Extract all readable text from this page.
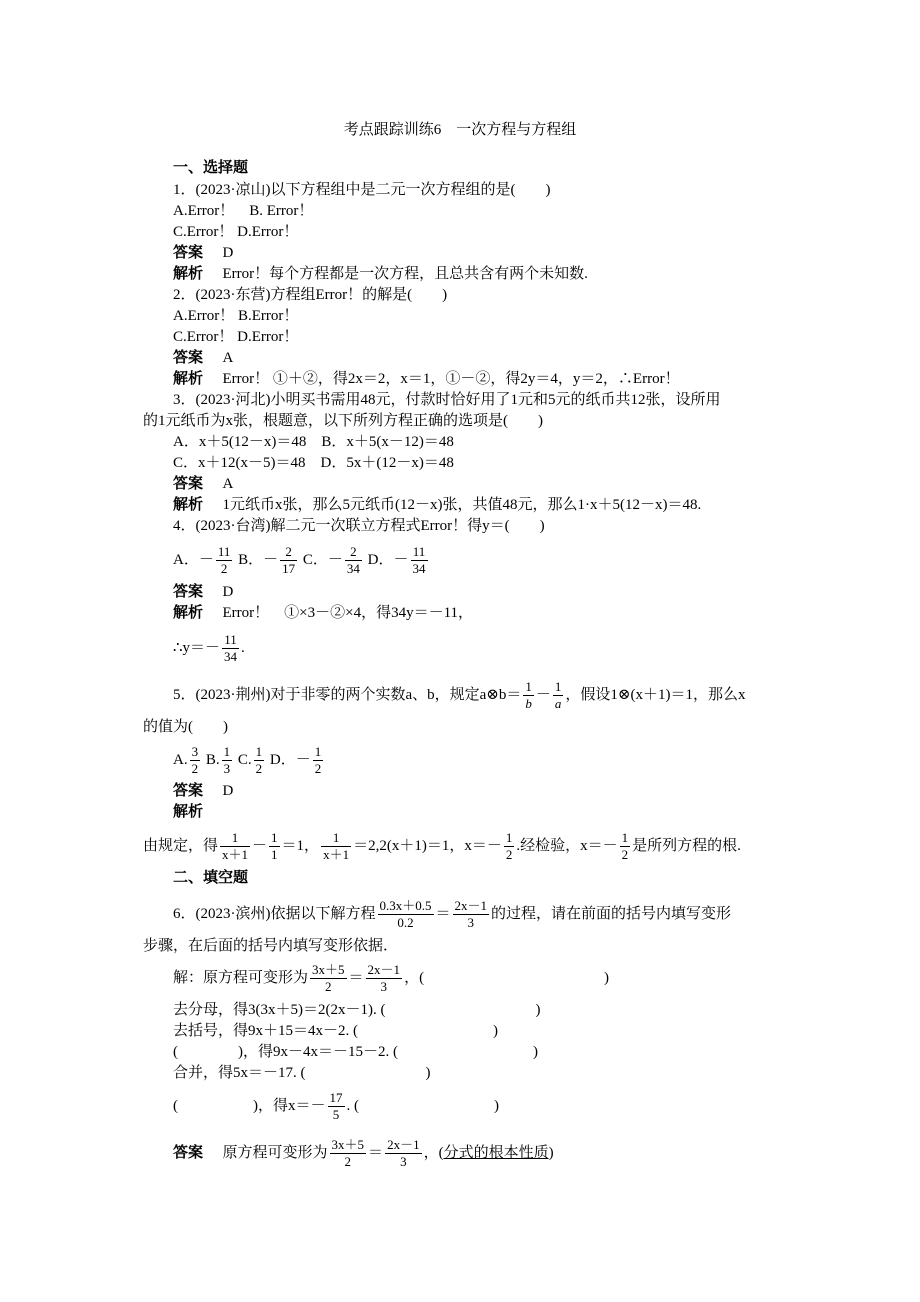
考点跟踪训练6　一次方程与方程组
一、选择题
1．(2023·凉山)以下方程组中是二元一次方程组的是(　　)
A.Error！　B. Error！
C.Error！ D.Error！
答案 D
解析 Error！每个方程都是一次方程，且总共含有两个未知数.
2．(2023·东营)方程组Error！的解是(　　)
A.Error！ B.Error！
C.Error！ D.Error！
答案 A
解析 Error！ ①＋②，得2x＝2，x＝1，①－②，得2y＝4，y＝2，∴Error！
3．(2023·河北)小明买书需用48元，付款时恰好用了1元和5元的纸币共12张，设所用
的1元纸币为x张，根题意，以下所列方程正确的选项是(　　)
A．x＋5(12－x)＝48　B．x＋5(x－12)＝48
C．x＋12(x－5)＝48　D．5x＋(12－x)＝48
答案 A
解析 1元纸币x张，那么5元纸币(12－x)张，共值48元，那么1·x＋5(12－x)＝48.
4．(2023·台湾)解二元一次联立方程式Error！得y＝(　　)
A．－ $\frac{11}{2}$ B．－ $\frac{2}{17}$ C．－ $\frac{2}{34}$ D．－ $\frac{11}{34}$
答案 D
解析 Error！　①×3－②×4，得34y＝－11，
∴y＝－ $\frac{11}{34}$ .
5．(2023·荆州)对于非零的两个实数a、b，规定a⊗b＝ $\frac{1}{b} - \frac{1}{a}$ ，假设1⊗(x＋1)＝1，那么x
的值为(　　)
A. $\frac{3}{2} B$. $\frac{1}{3} C$. $\frac{1}{2}$ D．－ $\frac{1}{2}$
答案 D
解析
由规定，得 $\frac{1}{x+1} - \frac{1}{1} =1$， $\frac{1}{x+1} =2,2(x+1)=1$，$x=- \frac{1}{2}$ .经检验，$x=- \frac{1}{2}$ 是所列方程的根.
二、填空题
6．(2023·滨州)依据以下解方程 $\frac{0.3x+0.5}{0.2} = \frac{2x-1}{3}$ 的过程，请在前面的括号内填写变形
步骤，在后面的括号内填写变形依据．
解：原方程可变形为 $\frac{3x+5}{2} = \frac{2x-1}{3}$ ，(　　　　　　　　　　　　)
去分母，得3(3x＋5)＝2(2x－1). (　　　　　　　　　　)
去括号，得9x＋15＝4x－2. (　　　　　　　　　)
(　　　　)，得9x－4x＝－15－2. (　　　　　　　　　)
合并，得5x＝－17. (　　　　　　　　)
(　　　　　)，得$x=- \frac{17}{5}$ . (　　　　　　　　　)
答案 原方程可变形为 $\frac{3x+5}{2} = \frac{2x-1}{3}$ ，(分式的根本性质)
